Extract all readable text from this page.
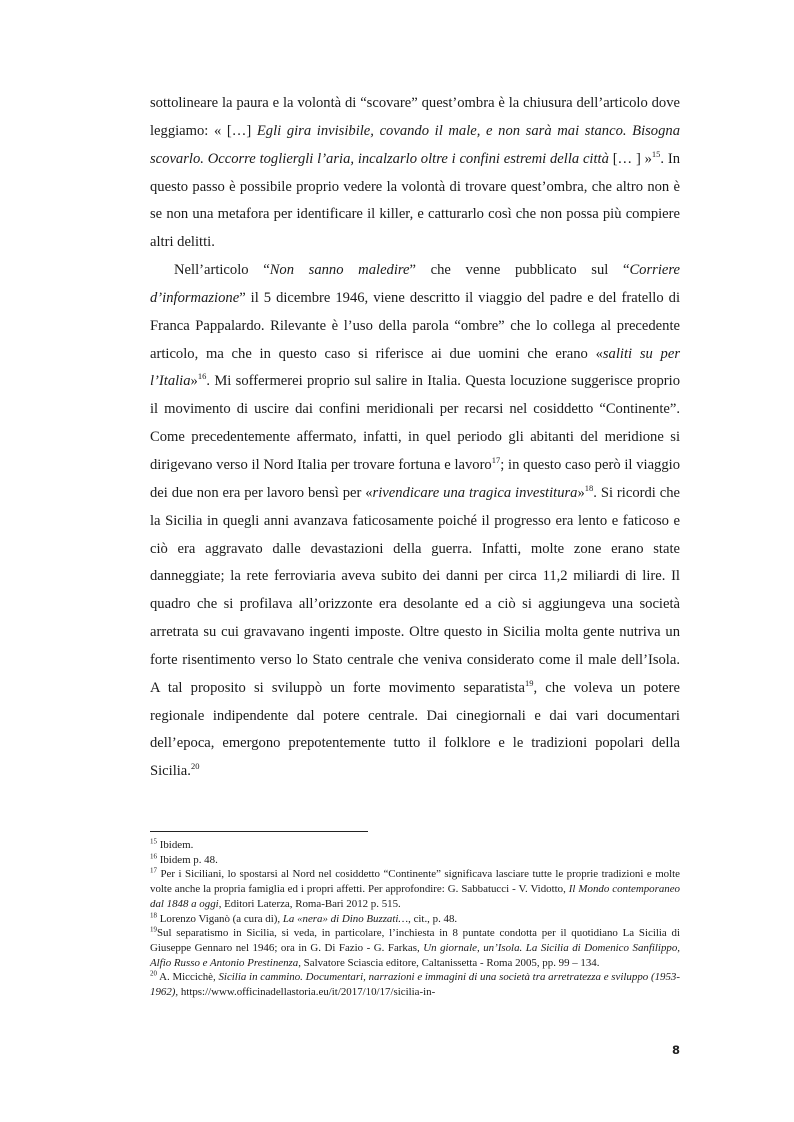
sottolineare la paura e la volontà di “scovare” quest’ombra è la chiusura dell’articolo dove leggiamo: « […] Egli gira invisibile, covando il male, e non sarà mai stanco. Bisogna scovarlo. Occorre togliergli l’aria, incalzarlo oltre i confini estremi della città [… ] »$^{15}$. In questo passo è possibile proprio vedere la volontà di trovare quest’ombra, che altro non è se non una metafora per identificare il killer, e catturarlo così che non possa più compiere altri delitti.

Nell’articolo “Non sanno maledire” che venne pubblicato sul “Corriere d’informazione” il 5 dicembre 1946, viene descritto il viaggio del padre e del fratello di Franca Pappalardo. Rilevante è l’uso della parola “ombre” che lo collega al precedente articolo, ma che in questo caso si riferisce ai due uomini che erano «saliti su per l’Italia»$^{16}$. Mi soffermerei proprio sul salire in Italia. Questa locuzione suggerisce proprio il movimento di uscire dai confini meridionali per recarsi nel cosiddetto “Continente”. Come precedentemente affermato, infatti, in quel periodo gli abitanti del meridione si dirigevano verso il Nord Italia per trovare fortuna e lavoro$^{17}$; in questo caso però il viaggio dei due non era per lavoro bensì per «rivendicare una tragica investitura»$^{18}$. Si ricordi che la Sicilia in quegli anni avanzava faticosamente poiché il progresso era lento e faticoso e ciò era aggravato dalle devastazioni della guerra. Infatti, molte zone erano state danneggiate; la rete ferroviaria aveva subito dei danni per circa 11,2 miliardi di lire. Il quadro che si profilava all’orizzonte era desolante ed a ciò si aggiungeva una società arretrata su cui gravavano ingenti imposte. Oltre questo in Sicilia molta gente nutriva un forte risentimento verso lo Stato centrale che veniva considerato come il male dell’Isola. A tal proposito si sviluppò un forte movimento separatista$^{19}$, che voleva un potere regionale indipendente dal potere centrale. Dai cinegiornali e dai vari documentari dell’epoca, emergono prepotentemente tutto il folklore e le tradizioni popolari della Sicilia.$^{20}$

$^{15}$ Ibidem.

$^{16}$ Ibidem p. 48.

$^{17}$ Per i Siciliani, lo spostarsi al Nord nel cosiddetto “Continente” significava lasciare tutte le proprie tradizioni e molte volte anche la propria famiglia ed i propri affetti. Per approfondire: G. Sabbatucci - V. Vidotto, Il Mondo contemporaneo dal 1848 a oggi, Editori Laterza, Roma-Bari 2012 p. 515.

$^{18}$ Lorenzo Viganò (a cura di), La «nera» di Dino Buzzati…, cit., p. 48.

$^{19}$Sul separatismo in Sicilia, si veda, in particolare, l’inchiesta in 8 puntate condotta per il quotidiano La Sicilia di Giuseppe Gennaro nel 1946; ora in G. Di Fazio - G. Farkas, Un giornale, un’Isola. La Sicilia di Domenico Sanfilippo, Alfio Russo e Antonio Prestinenza, Salvatore Sciascia editore, Caltanissetta - Roma 2005, pp. 99 – 134.

$^{20}$ A. Miccichè, Sicilia in cammino. Documentari, narrazioni e immagini di una società tra arretratezza e sviluppo (1953-1962), https://www.officinadellastoria.eu/it/2017/10/17/sicilia-in-

8
